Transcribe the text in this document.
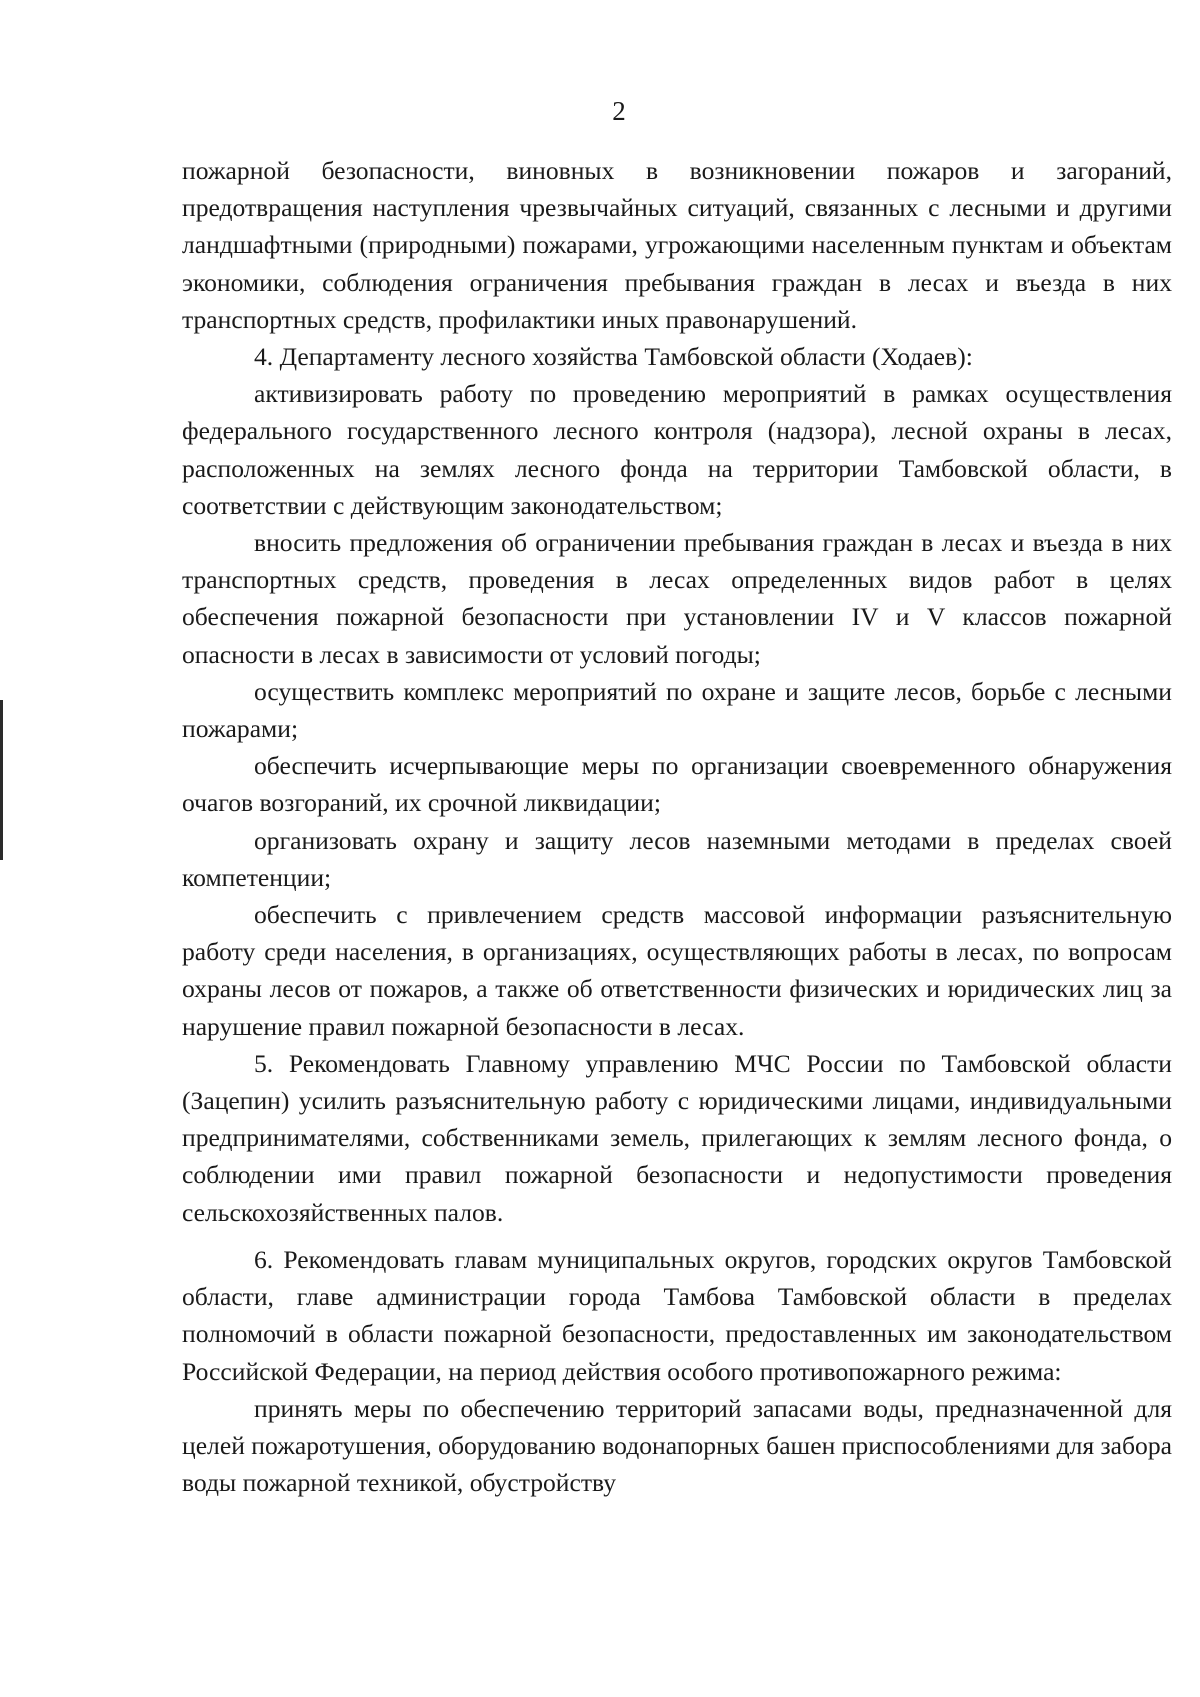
2

пожарной безопасности, виновных в возникновении пожаров и загораний, предотвращения наступления чрезвычайных ситуаций, связанных с лесными и другими ландшафтными (природными) пожарами, угрожающими населенным пунктам и объектам экономики, соблюдения ограничения пребывания граждан в лесах и въезда в них транспортных средств, профилактики иных правонарушений.

4. Департаменту лесного хозяйства Тамбовской области (Ходаев):

активизировать работу по проведению мероприятий в рамках осуществления федерального государственного лесного контроля (надзора), лесной охраны в лесах, расположенных на землях лесного фонда на территории Тамбовской области, в соответствии с действующим законодательством;

вносить предложения об ограничении пребывания граждан в лесах и въезда в них транспортных средств, проведения в лесах определенных видов работ в целях обеспечения пожарной безопасности при установлении IV и V классов пожарной опасности в лесах в зависимости от условий погоды;

осуществить комплекс мероприятий по охране и защите лесов, борьбе с лесными пожарами;

обеспечить исчерпывающие меры по организации своевременного обнаружения очагов возгораний, их срочной ликвидации;

организовать охрану и защиту лесов наземными методами в пределах своей компетенции;

обеспечить с привлечением средств массовой информации разъяснительную работу среди населения, в организациях, осуществляющих работы в лесах, по вопросам охраны лесов от пожаров, а также об ответственности физических и юридических лиц за нарушение правил пожарной безопасности в лесах.

5. Рекомендовать Главному управлению МЧС России по Тамбовской области (Зацепин) усилить разъяснительную работу с юридическими лицами, индивидуальными предпринимателями, собственниками земель, прилегающих к землям лесного фонда, о соблюдении ими правил пожарной безопасности и недопустимости проведения сельскохозяйственных палов.

6. Рекомендовать главам муниципальных округов, городских округов Тамбовской области, главе администрации города Тамбова Тамбовской области в пределах полномочий в области пожарной безопасности, предоставленных им законодательством Российской Федерации, на период действия особого противопожарного режима:

принять меры по обеспечению территорий запасами воды, предназначенной для целей пожаротушения, оборудованию водонапорных башен приспособлениями для забора воды пожарной техникой, обустройству
